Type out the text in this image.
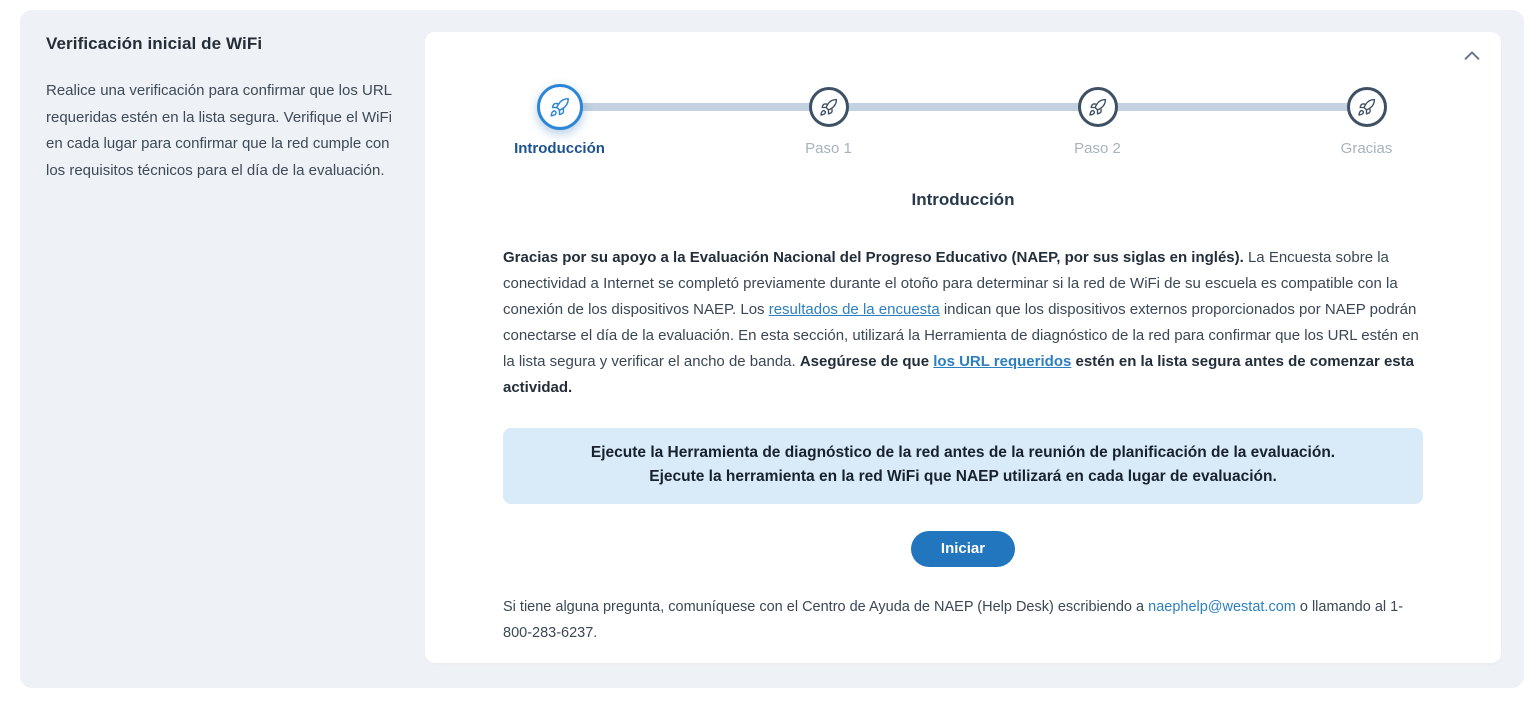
Verificación inicial de WiFi

Realice una verificación para confirmar que los URL requeridas estén en la lista segura. Verifique el WiFi en cada lugar para confirmar que la red cumple con los requisitos técnicos para el día de la evaluación.

Introducción	Paso 1	Paso 2	Gracias
Introducción

Gracias por su apoyo a la Evaluación Nacional del Progreso Educativo (NAEP, por sus siglas en inglés). La Encuesta sobre la conectividad a Internet se completó previamente durante el otoño para determinar si la red de WiFi de su escuela es compatible con la conexión de los dispositivos NAEP. Los resultados de la encuesta indican que los dispositivos externos proporcionados por NAEP podrán conectarse el día de la evaluación. En esta sección, utilizará la Herramienta de diagnóstico de la red para confirmar que los URL estén en la lista segura y verificar el ancho de banda. Asegúrese de que los URL requeridos estén en la lista segura antes de comenzar esta actividad.

Ejecute la Herramienta de diagnóstico de la red antes de la reunión de planificación de la evaluación.
Ejecute la herramienta en la red WiFi que NAEP utilizará en cada lugar de evaluación.
Iniciar

Si tiene alguna pregunta, comuníquese con el Centro de Ayuda de NAEP (Help Desk) escribiendo a naephelp@westat.com o llamando al 1-800-283-6237.
